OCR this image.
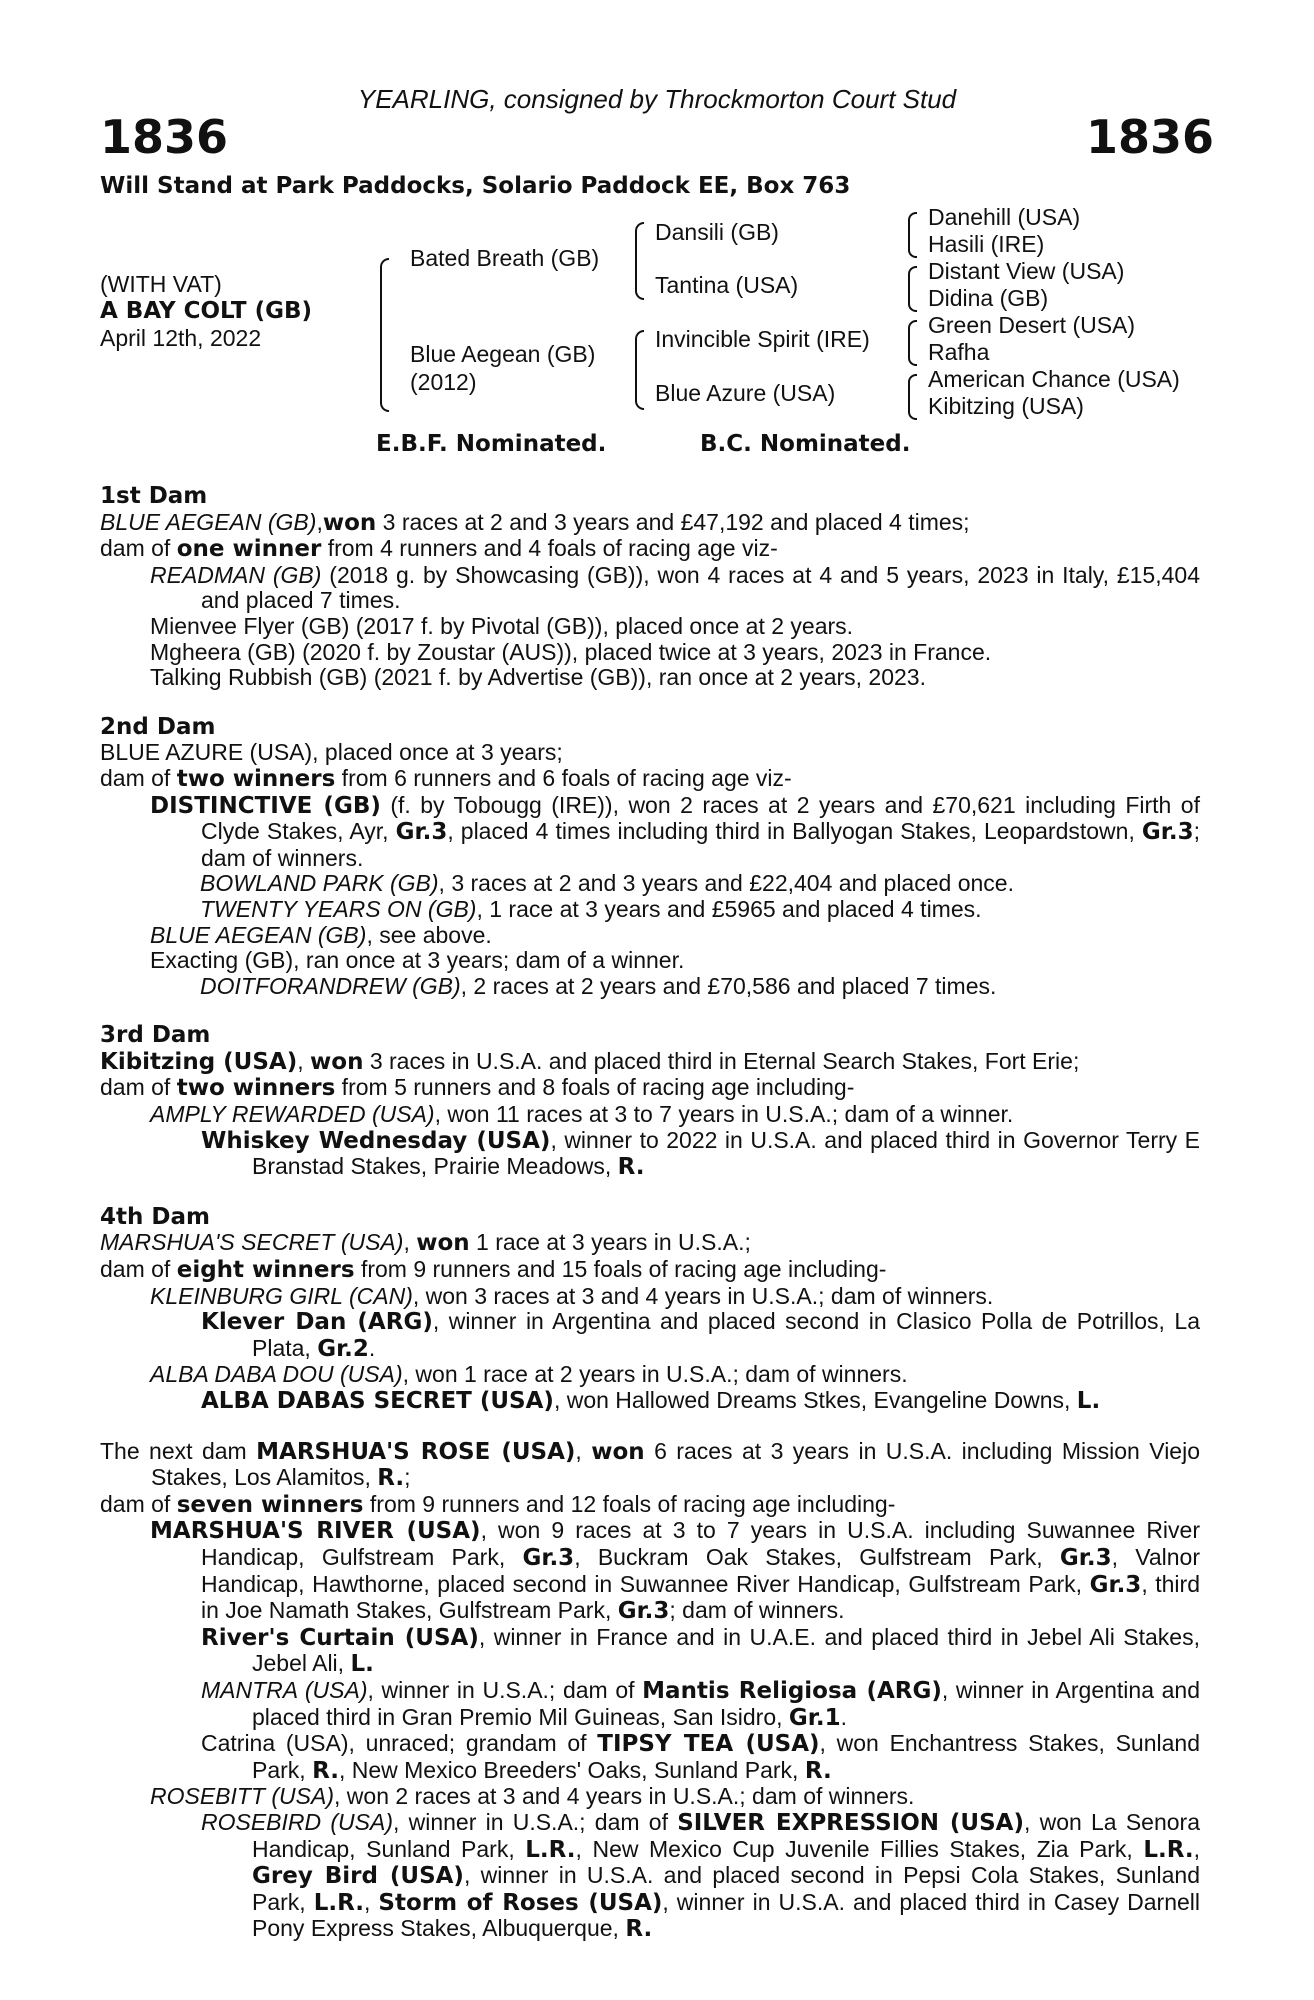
YEARLING, consigned by Throckmorton Court Stud
1836	1836
Will Stand at Park Paddocks, Solario Paddock EE, Box 763
(WITH VAT)
A BAY COLT (GB)
April 12th, 2022
Bated Breath (GB)
Blue Aegean (GB)
(2012)
Dansili (GB)
Tantina (USA)
Invincible Spirit (IRE)
Blue Azure (USA)
Danehill (USA)
Hasili (IRE)
Distant View (USA)
Didina (GB)
Green Desert (USA)
Rafha
American Chance (USA)
Kibitzing (USA)
E.B.F. Nominated.	B.C. Nominated.
1st Dam
BLUE AEGEAN (GB),won 3 races at 2 and 3 years and £47,192 and placed 4 times;
dam of one winner from 4 runners and 4 foals of racing age viz-
READMAN (GB) (2018 g. by Showcasing (GB)), won 4 races at 4 and 5 years, 2023 in Italy, £15,404 and placed 7 times.
Mienvee Flyer (GB) (2017 f. by Pivotal (GB)), placed once at 2 years.
Mgheera (GB) (2020 f. by Zoustar (AUS)), placed twice at 3 years, 2023 in France.
Talking Rubbish (GB) (2021 f. by Advertise (GB)), ran once at 2 years, 2023.
2nd Dam
BLUE AZURE (USA), placed once at 3 years;
dam of two winners from 6 runners and 6 foals of racing age viz-
DISTINCTIVE (GB) (f. by Tobougg (IRE)), won 2 races at 2 years and £70,621 including Firth of Clyde Stakes, Ayr, Gr.3, placed 4 times including third in Ballyogan Stakes, Leopardstown, Gr.3; dam of winners.
BOWLAND PARK (GB), 3 races at 2 and 3 years and £22,404 and placed once.
TWENTY YEARS ON (GB), 1 race at 3 years and £5965 and placed 4 times.
BLUE AEGEAN (GB), see above.
Exacting (GB), ran once at 3 years; dam of a winner.
DOITFORANDREW (GB), 2 races at 2 years and £70,586 and placed 7 times.
3rd Dam
Kibitzing (USA), won 3 races in U.S.A. and placed third in Eternal Search Stakes, Fort Erie;
dam of two winners from 5 runners and 8 foals of racing age including-
AMPLY REWARDED (USA), won 11 races at 3 to 7 years in U.S.A.; dam of a winner.
Whiskey Wednesday (USA), winner to 2022 in U.S.A. and placed third in Governor Terry E Branstad Stakes, Prairie Meadows, R.
4th Dam
MARSHUA'S SECRET (USA), won 1 race at 3 years in U.S.A.;
dam of eight winners from 9 runners and 15 foals of racing age including-
KLEINBURG GIRL (CAN), won 3 races at 3 and 4 years in U.S.A.; dam of winners.
Klever Dan (ARG), winner in Argentina and placed second in Clasico Polla de Potrillos, La Plata, Gr.2.
ALBA DABA DOU (USA), won 1 race at 2 years in U.S.A.; dam of winners.
ALBA DABAS SECRET (USA), won Hallowed Dreams Stkes, Evangeline Downs, L.
The next dam MARSHUA'S ROSE (USA), won 6 races at 3 years in U.S.A. including Mission Viejo Stakes, Los Alamitos, R.;
dam of seven winners from 9 runners and 12 foals of racing age including-
MARSHUA'S RIVER (USA), won 9 races at 3 to 7 years in U.S.A. including Suwannee River Handicap, Gulfstream Park, Gr.3, Buckram Oak Stakes, Gulfstream Park, Gr.3, Valnor Handicap, Hawthorne, placed second in Suwannee River Handicap, Gulfstream Park, Gr.3, third in Joe Namath Stakes, Gulfstream Park, Gr.3; dam of winners.
River's Curtain (USA), winner in France and in U.A.E. and placed third in Jebel Ali Stakes, Jebel Ali, L.
MANTRA (USA), winner in U.S.A.; dam of Mantis Religiosa (ARG), winner in Argentina and placed third in Gran Premio Mil Guineas, San Isidro, Gr.1.
Catrina (USA), unraced; grandam of TIPSY TEA (USA), won Enchantress Stakes, Sunland Park, R., New Mexico Breeders' Oaks, Sunland Park, R.
ROSEBITT (USA), won 2 races at 3 and 4 years in U.S.A.; dam of winners.
ROSEBIRD (USA), winner in U.S.A.; dam of SILVER EXPRESSION (USA), won La Senora Handicap, Sunland Park, L.R., New Mexico Cup Juvenile Fillies Stakes, Zia Park, L.R., Grey Bird (USA), winner in U.S.A. and placed second in Pepsi Cola Stakes, Sunland Park, L.R., Storm of Roses (USA), winner in U.S.A. and placed third in Casey Darnell Pony Express Stakes, Albuquerque, R.
